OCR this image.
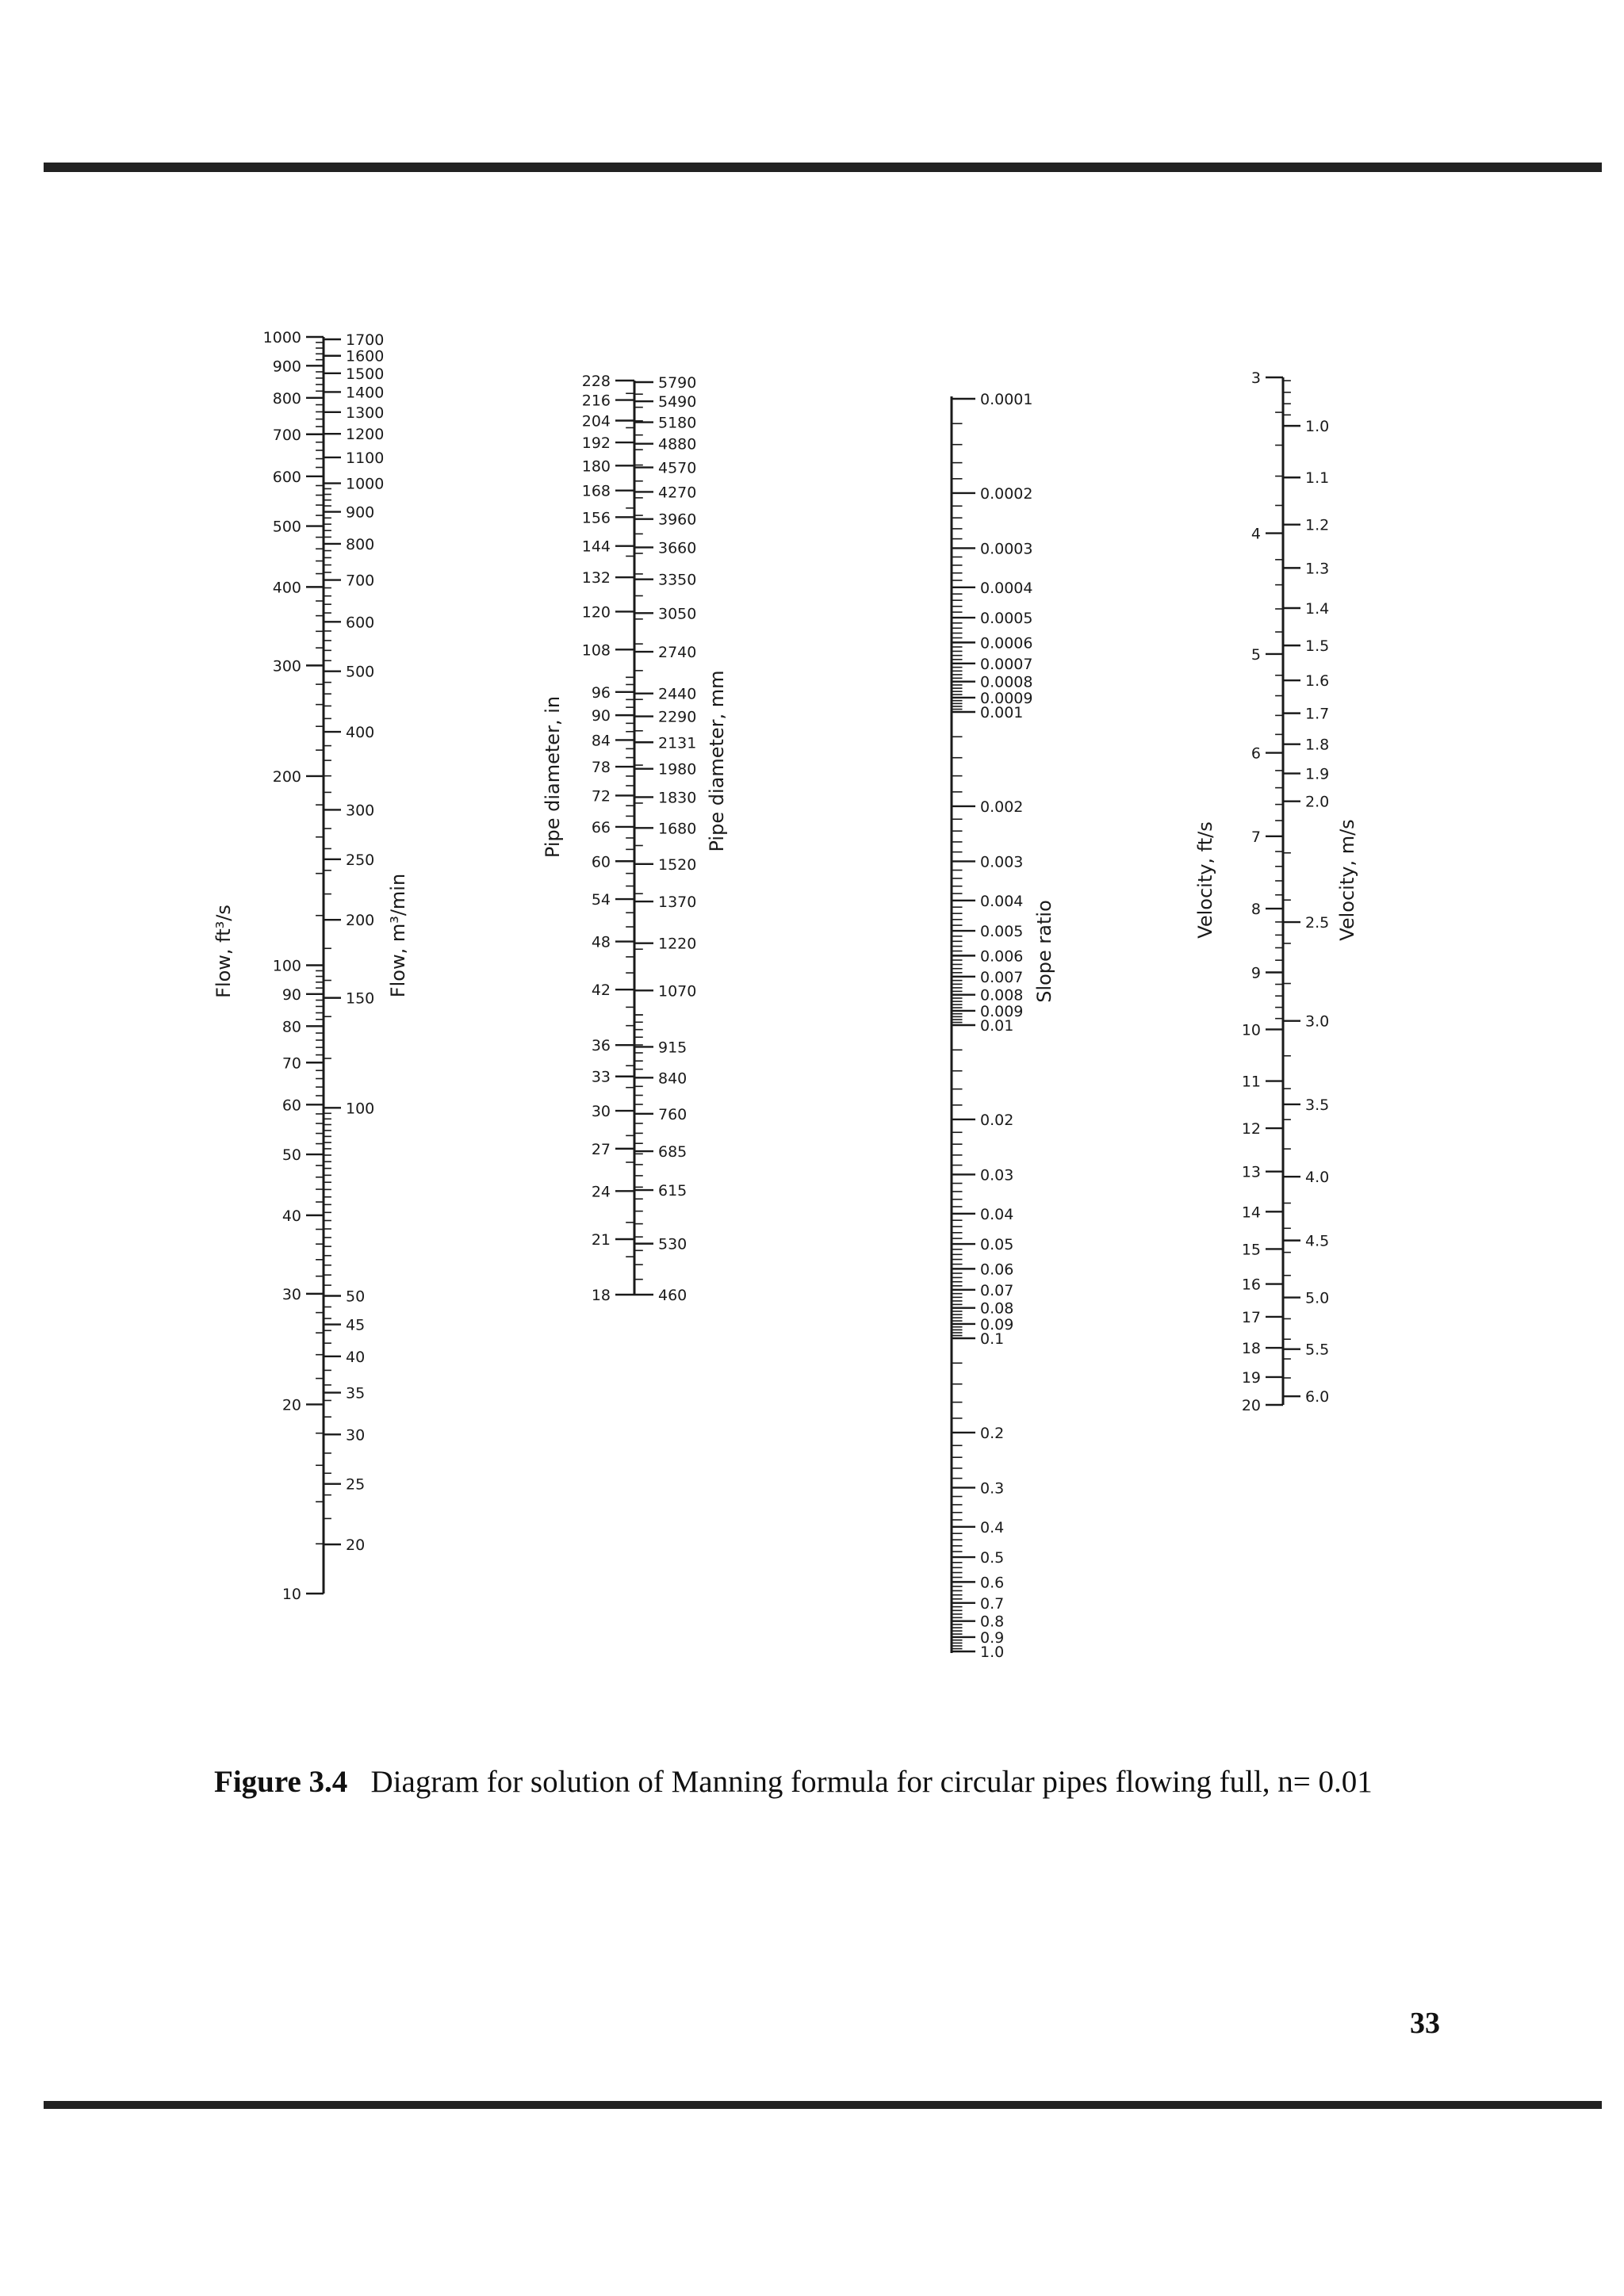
1000
900
800
700
600
500
400
300
200
100
90
80
70
60
50
40
30
20
10
1700
1600
1500
1400
1300
1200
1100
1000
900
800
700
600
500
400
300
250
200
150
100
50
45
40
35
30
25
20
228
216
204
192
180
168
156
144
132
120
108
96
90
84
78
72
66
60
54
48
42
36
33
30
27
24
21
18
5790
5490
5180
4880
4570
4270
3960
3660
3350
3050
2740
2440
2290
2131
1980
1830
1680
1520
1370
1220
1070
915
840
760
685
615
530
460
0.0001
0.0002
0.0003
0.0004
0.0005
0.0006
0.0007
0.0008
0.0009
0.001
0.002
0.003
0.004
0.005
0.006
0.007
0.008
0.009
0.01
0.02
0.03
0.04
0.05
0.06
0.07
0.08
0.09
0.1
0.2
0.3
0.4
0.5
0.6
0.7
0.8
0.9
1.0
3
4
5
6
7
8
9
10
11
12
13
14
15
16
17
18
19
20
1.0
1.1
1.2
1.3
1.4
1.5
1.6
1.7
1.8
1.9
2.0
2.5
3.0
3.5
4.0
4.5
5.0
5.5
6.0
Flow, ft³/s	Flow, m³/min
Pipe diameter, in	Pipe diameter, mm
Slope ratio
Velocity, ft/s	Velocity, m/s
Figure 3.4 Diagram for solution of Manning formula for circular pipes flowing full, n= 0.01
33
